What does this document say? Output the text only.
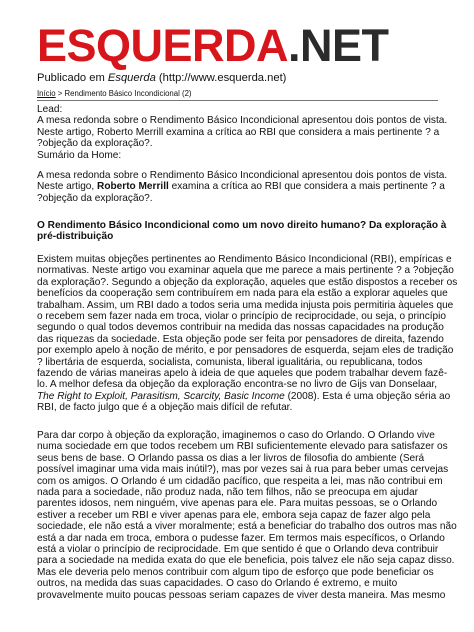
ESQUERDA.NET
Publicado em Esquerda (http://www.esquerda.net)
Início > Rendimento Básico Incondicional (2)
Lead:
A mesa redonda sobre o Rendimento Básico Incondicional apresentou dois pontos de vista.
Neste artigo, Roberto Merrill examina a crítica ao RBI que considera a mais pertinente ? a
?objeção da exploração?.
Sumário da Home:
A mesa redonda sobre o Rendimento Básico Incondicional apresentou dois pontos de vista.
Neste artigo, Roberto Merrill examina a crítica ao RBI que considera a mais pertinente ? a
?objeção da exploração?.
O Rendimento Básico Incondicional como um novo direito humano? Da exploração à
pré-distribuição
Existem muitas objeções pertinentes ao Rendimento Básico Incondicional (RBI), empíricas e
normativas. Neste artigo vou examinar aquela que me parece a mais pertinente ? a ?objeção
da exploração?. Segundo a objeção da exploração, aqueles que estão dispostos a receber os
benefícios da cooperação sem contribuírem em nada para ela estão a explorar aqueles que
trabalham. Assim, um RBI dado a todos seria uma medida injusta pois permitiria àqueles que
o recebem sem fazer nada em troca, violar o princípio de reciprocidade, ou seja, o princípio
segundo o qual todos devemos contribuir na medida das nossas capacidades na produção
das riquezas da sociedade. Esta objeção pode ser feita por pensadores de direita, fazendo
por exemplo apelo à noção de mérito, e por pensadores de esquerda, sejam eles de tradição
? libertária de esquerda, socialista, comunista, liberal igualitária, ou republicana, todos
fazendo de várias maneiras apelo à ideia de que aqueles que podem trabalhar devem fazê-
lo. A melhor defesa da objeção da exploração encontra-se no livro de Gijs van Donselaar,
The Right to Exploit, Parasitism, Scarcity, Basic Income (2008). Esta é uma objeção séria ao
RBI, de facto julgo que é a objeção mais difícil de refutar.
Para dar corpo à objeção da exploração, imaginemos o caso do Orlando. O Orlando vive
numa sociedade em que todos recebem um RBI suficientemente elevado para satisfazer os
seus bens de base. O Orlando passa os dias a ler livros de filosofia do ambiente (Será
possível imaginar uma vida mais inútil?), mas por vezes sai à rua para beber umas cervejas
com os amigos. O Orlando é um cidadão pacífico, que respeita a lei, mas não contribui em
nada para a sociedade, não produz nada, não tem filhos, não se preocupa em ajudar
parentes idosos, nem ninguém, vive apenas para ele. Para muitas pessoas, se o Orlando
estiver a receber um RBI e viver apenas para ele, embora seja capaz de fazer algo pela
sociedade, ele não está a viver moralmente; está a beneficiar do trabalho dos outros mas não
está a dar nada em troca, embora o pudesse fazer. Em termos mais específicos, o Orlando
está a violar o princípio de reciprocidade. Em que sentido é que o Orlando deva contribuir
para a sociedade na medida exata do que ele beneficia, pois talvez ele não seja capaz disso.
Mas ele deveria pelo menos contribuir com algum tipo de esforço que pode beneficiar os
outros, na medida das suas capacidades. O caso do Orlando é extremo, e muito
provavelmente muito poucas pessoas seriam capazes de viver desta maneira. Mas mesmo
